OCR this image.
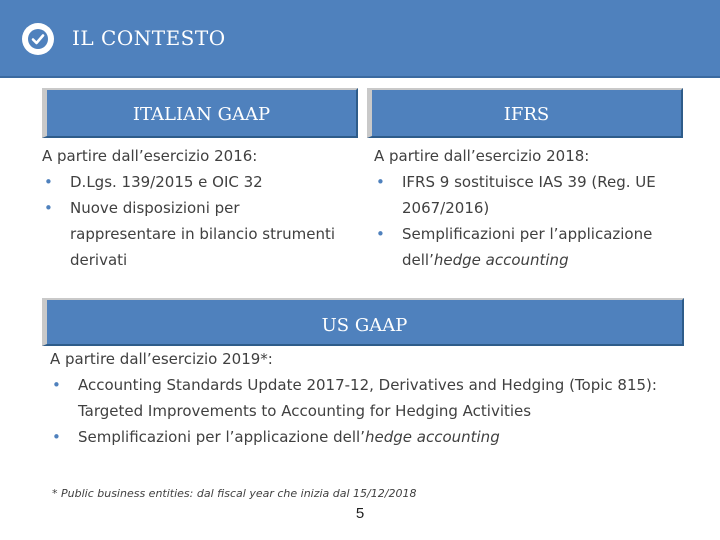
IL CONTESTO
ITALIAN GAAP	IFRS
A partire dall’esercizio 2016:
• D.Lgs. 139/2015 e OIC 32
• Nuove disposizioni per rappresentare in bilancio strumenti derivati
A partire dall’esercizio 2018:
• IFRS 9 sostituisce IAS 39 (Reg. UE 2067/2016)
• Semplificazioni per l’applicazione dell’hedge accounting
US GAAP
A partire dall’esercizio 2019*:
• Accounting Standards Update 2017-12, Derivatives and Hedging (Topic 815): Targeted Improvements to Accounting for Hedging Activities
• Semplificazioni per l’applicazione dell’hedge accounting
* Public business entities: dal fiscal year che inizia dal 15/12/2018
5
